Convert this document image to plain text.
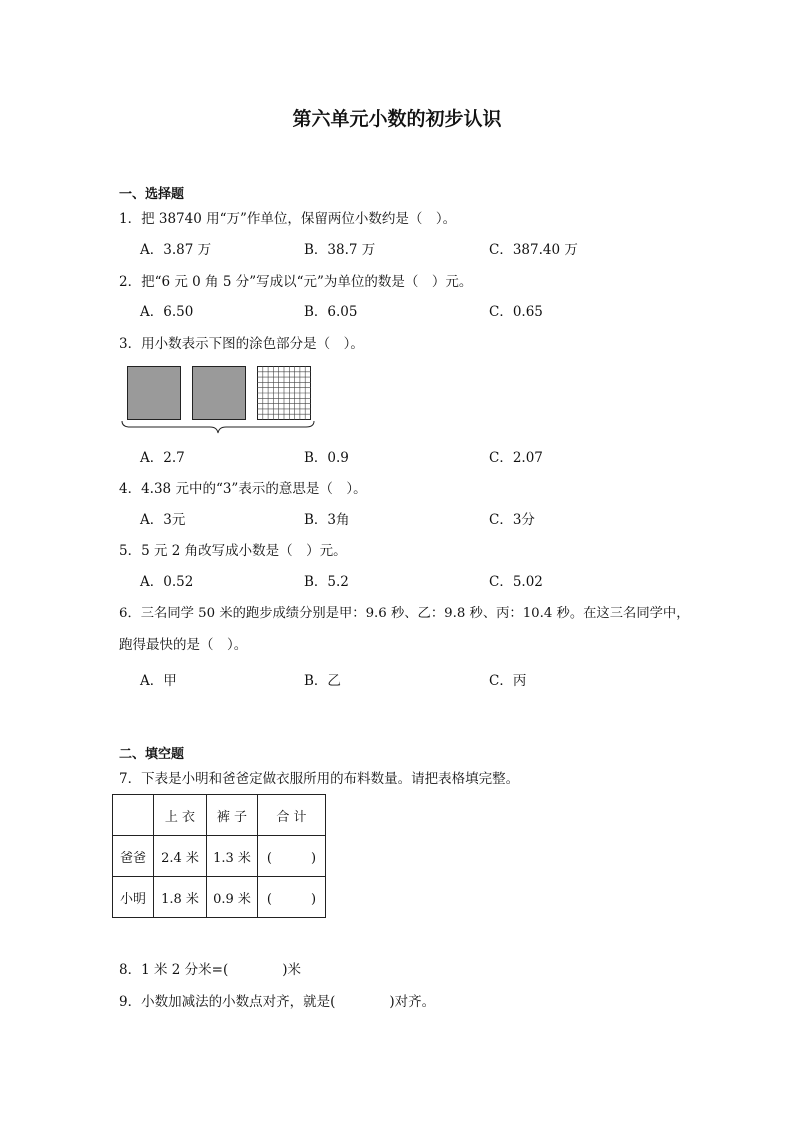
第六单元小数的初步认识
一、选择题
1．把 38740 用“万”作单位，保留两位小数约是（　）。
A．3.87 万	B．38.7 万	C．387.40 万
2．把“6 元 0 角 5 分”写成以“元”为单位的数是（　）元。
A．6.50	B．6.05	C．0.65
3．用小数表示下图的涂色部分是（　）。
A．2.7	B．0.9	C．2.07
4．4.38 元中的“3”表示的意思是（　）。
A．3元	B．3角	C．3分
5．5 元 2 角改写成小数是（　）元。
A．0.52	B．5.2	C．5.02
6．三名同学 50 米的跑步成绩分别是甲：9.6 秒、乙：9.8 秒、丙：10.4 秒。在这三名同学中，
跑得最快的是（　）。
A．甲	B．乙	C．丙
二、填空题
7．下表是小明和爸爸定做衣服所用的布料数量。请把表格填完整。
	上 衣	裤 子	合 计
爸爸	2.4 米	1.3 米	(　　　)
小明	1.8 米	0.9 米	(　　　)
8．1 米 2 分米=(　　　　)米
9．小数加减法的小数点对齐，就是(　　　　)对齐。
